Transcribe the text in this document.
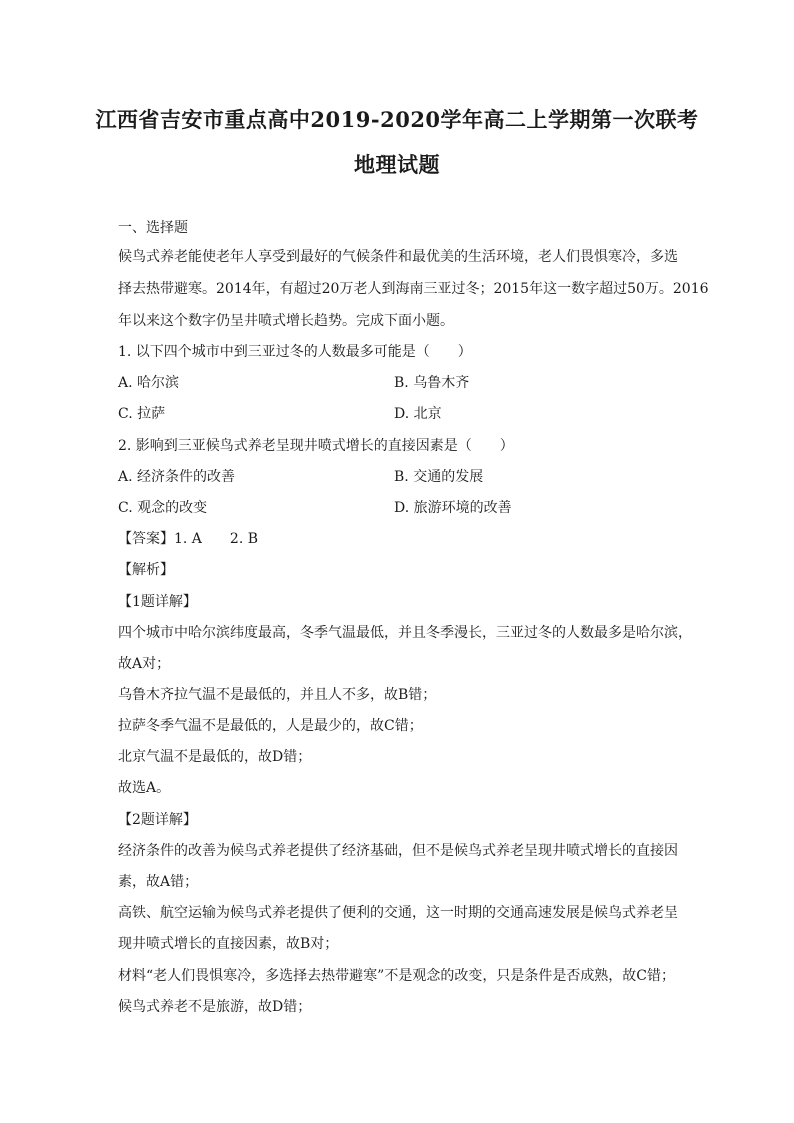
江西省吉安市重点高中2019-2020学年高二上学期第一次联考
地理试题
一、选择题
候鸟式养老能使老年人享受到最好的气候条件和最优美的生活环境，老人们畏惧寒冷，多选
择去热带避寒。2014年，有超过20万老人到海南三亚过冬；2015年这一数字超过50万。2016
年以来这个数字仍呈井喷式增长趋势。完成下面小题。
1. 以下四个城市中到三亚过冬的人数最多可能是（　　）
A. 哈尔滨	B. 乌鲁木齐
C. 拉萨	D. 北京
2. 影响到三亚候鸟式养老呈现井喷式增长的直接因素是（　　）
A. 经济条件的改善	B. 交通的发展
C. 观念的改变	D. 旅游环境的改善
【答案】1. A　　2. B
【解析】
【1题详解】
四个城市中哈尔滨纬度最高，冬季气温最低，并且冬季漫长，三亚过冬的人数最多是哈尔滨，
故A对；
乌鲁木齐拉气温不是最低的，并且人不多，故B错；
拉萨冬季气温不是最低的，人是最少的，故C错；
北京气温不是最低的，故D错；
故选A。
【2题详解】
经济条件的改善为候鸟式养老提供了经济基础，但不是候鸟式养老呈现井喷式增长的直接因
素，故A错；
高铁、航空运输为候鸟式养老提供了便利的交通，这一时期的交通高速发展是候鸟式养老呈
现井喷式增长的直接因素，故B对；
材料“老人们畏惧寒冷，多选择去热带避寒”不是观念的改变，只是条件是否成熟，故C错；
候鸟式养老不是旅游，故D错；
